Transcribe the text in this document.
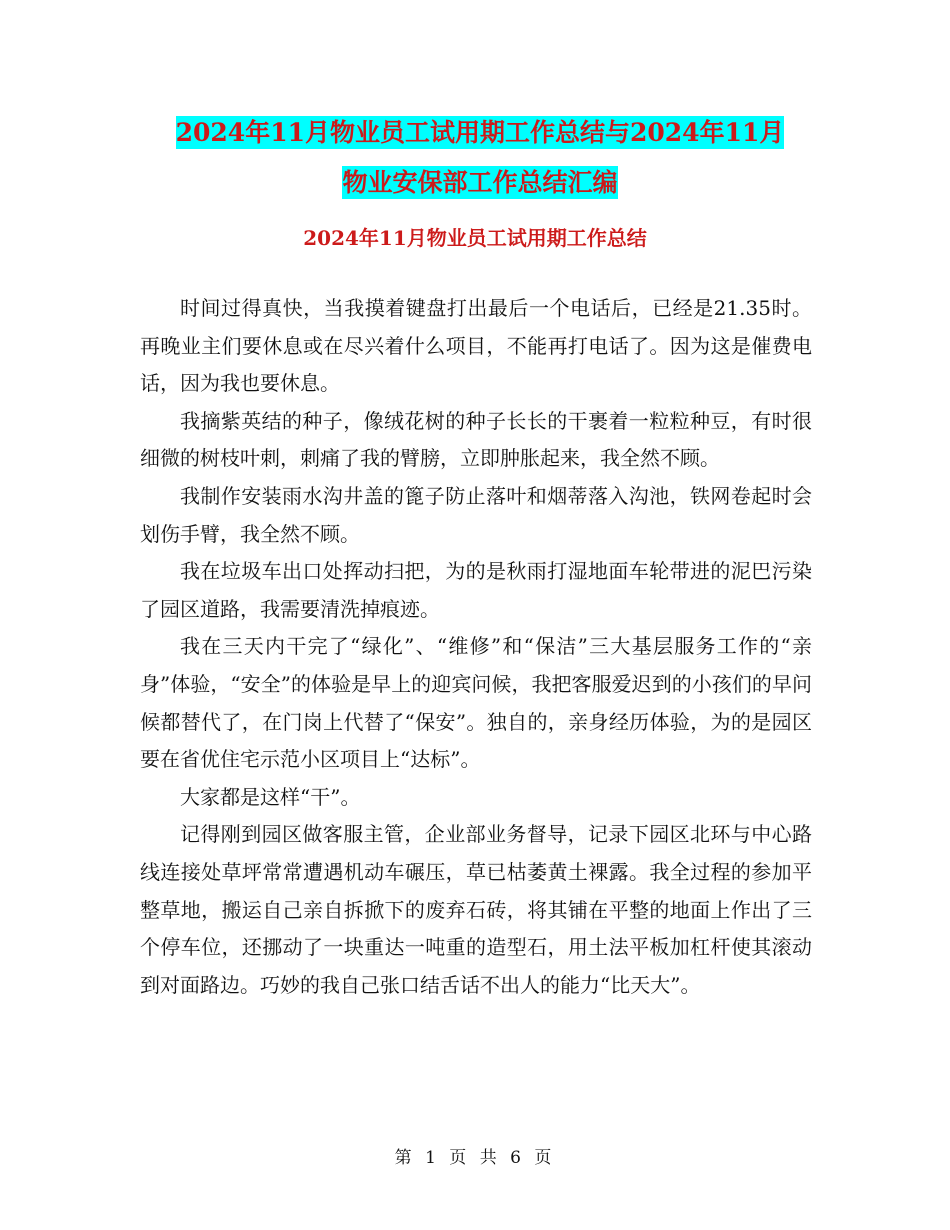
2024年11月物业员工试用期工作总结与2024年11月
物业安保部工作总结汇编
2024年11月物业员工试用期工作总结

时间过得真快，当我摸着键盘打出最后一个电话后，已经是21.35时。再晚业主们要休息或在尽兴着什么项目，不能再打电话了。因为这是催费电话，因为我也要休息。

我摘紫英结的种子，像绒花树的种子长长的干裹着一粒粒种豆，有时很细微的树枝叶刺，刺痛了我的臂膀，立即肿胀起来，我全然不顾。

我制作安装雨水沟井盖的篦子防止落叶和烟蒂落入沟池，铁网卷起时会划伤手臂，我全然不顾。

我在垃圾车出口处挥动扫把，为的是秋雨打湿地面车轮带进的泥巴污染了园区道路，我需要清洗掉痕迹。

我在三天内干完了“绿化”、“维修”和“保洁”三大基层服务工作的“亲身”体验，“安全”的体验是早上的迎宾问候，我把客服爱迟到的小孩们的早问候都替代了，在门岗上代替了“保安”。独自的，亲身经历体验，为的是园区要在省优住宅示范小区项目上“达标”。

大家都是这样“干”。

记得刚到园区做客服主管，企业部业务督导，记录下园区北环与中心路线连接处草坪常常遭遇机动车碾压，草已枯萎黄土裸露。我全过程的参加平整草地，搬运自己亲自拆掀下的废弃石砖，将其铺在平整的地面上作出了三个停车位，还挪动了一块重达一吨重的造型石，用土法平板加杠杆使其滚动到对面路边。巧妙的我自己张口结舌话不出人的能力“比天大”。

第 1 页 共 6 页
